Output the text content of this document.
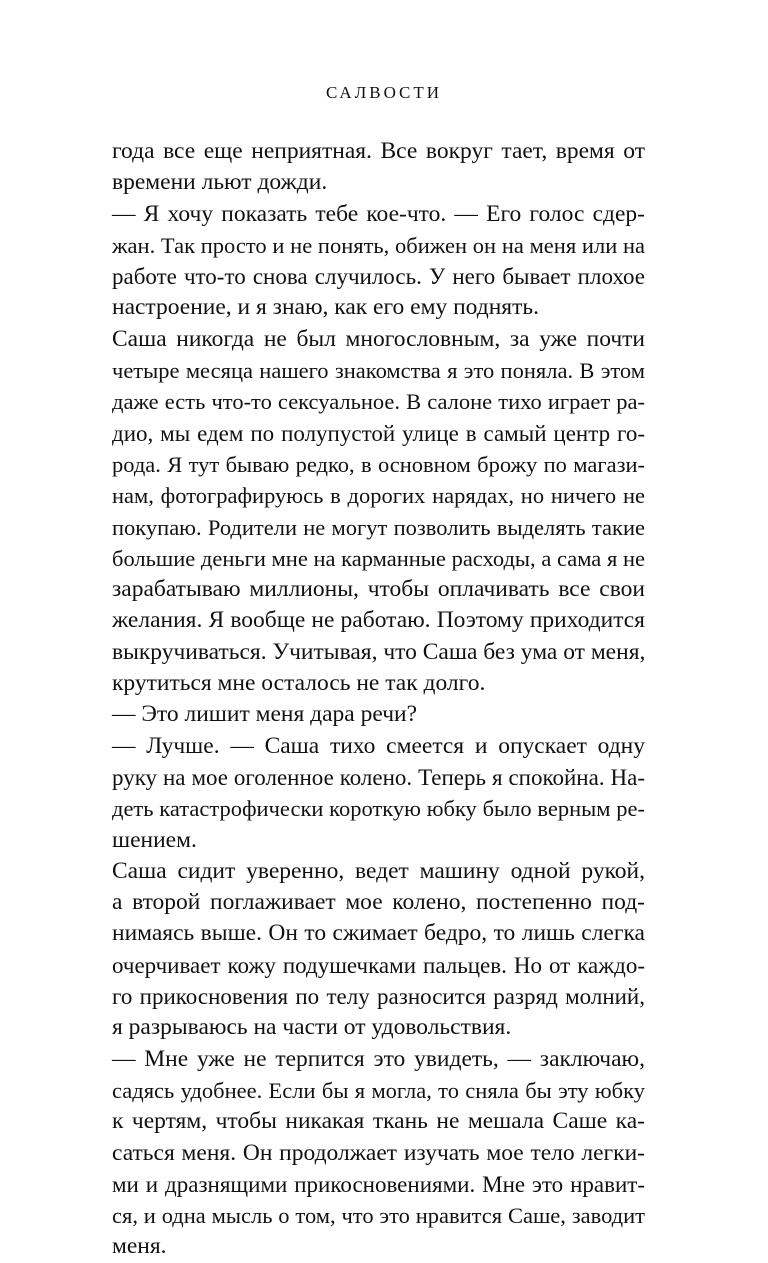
САЛВОСТИ
года все еще неприятная. Все вокруг тает, время от
времени льют дожди.
— Я хочу показать тебе кое-что. — Его голос сдер-
жан. Так просто и не понять, обижен он на меня или на
работе что-то снова случилось. У него бывает плохое
настроение, и я знаю, как его ему поднять.
Саша никогда не был многословным, за уже почти
четыре месяца нашего знакомства я это поняла. В этом
даже есть что-то сексуальное. В салоне тихо играет ра-
дио, мы едем по полупустой улице в самый центр го-
рода. Я тут бываю редко, в основном брожу по магази-
нам, фотографируюсь в дорогих нарядах, но ничего не
покупаю. Родители не могут позволить выделять такие
большие деньги мне на карманные расходы, а сама я не
зарабатываю миллионы, чтобы оплачивать все свои
желания. Я вообще не работаю. Поэтому приходится
выкручиваться. Учитывая, что Саша без ума от меня,
крутиться мне осталось не так долго.
— Это лишит меня дара речи?
— Лучше. — Саша тихо смеется и опускает одну
руку на мое оголенное колено. Теперь я спокойна. На-
деть катастрофически короткую юбку было верным ре-
шением.
Саша сидит уверенно, ведет машину одной рукой,
а второй поглаживает мое колено, постепенно под-
нимаясь выше. Он то сжимает бедро, то лишь слегка
очерчивает кожу подушечками пальцев. Но от каждо-
го прикосновения по телу разносится разряд молний,
я разрываюсь на части от удовольствия.
— Мне уже не терпится это увидеть, — заключаю,
садясь удобнее. Если бы я могла, то сняла бы эту юбку
к чертям, чтобы никакая ткань не мешала Саше ка-
саться меня. Он продолжает изучать мое тело легки-
ми и дразнящими прикосновениями. Мне это нравит-
ся, и одна мысль о том, что это нравится Саше, заводит
меня.
